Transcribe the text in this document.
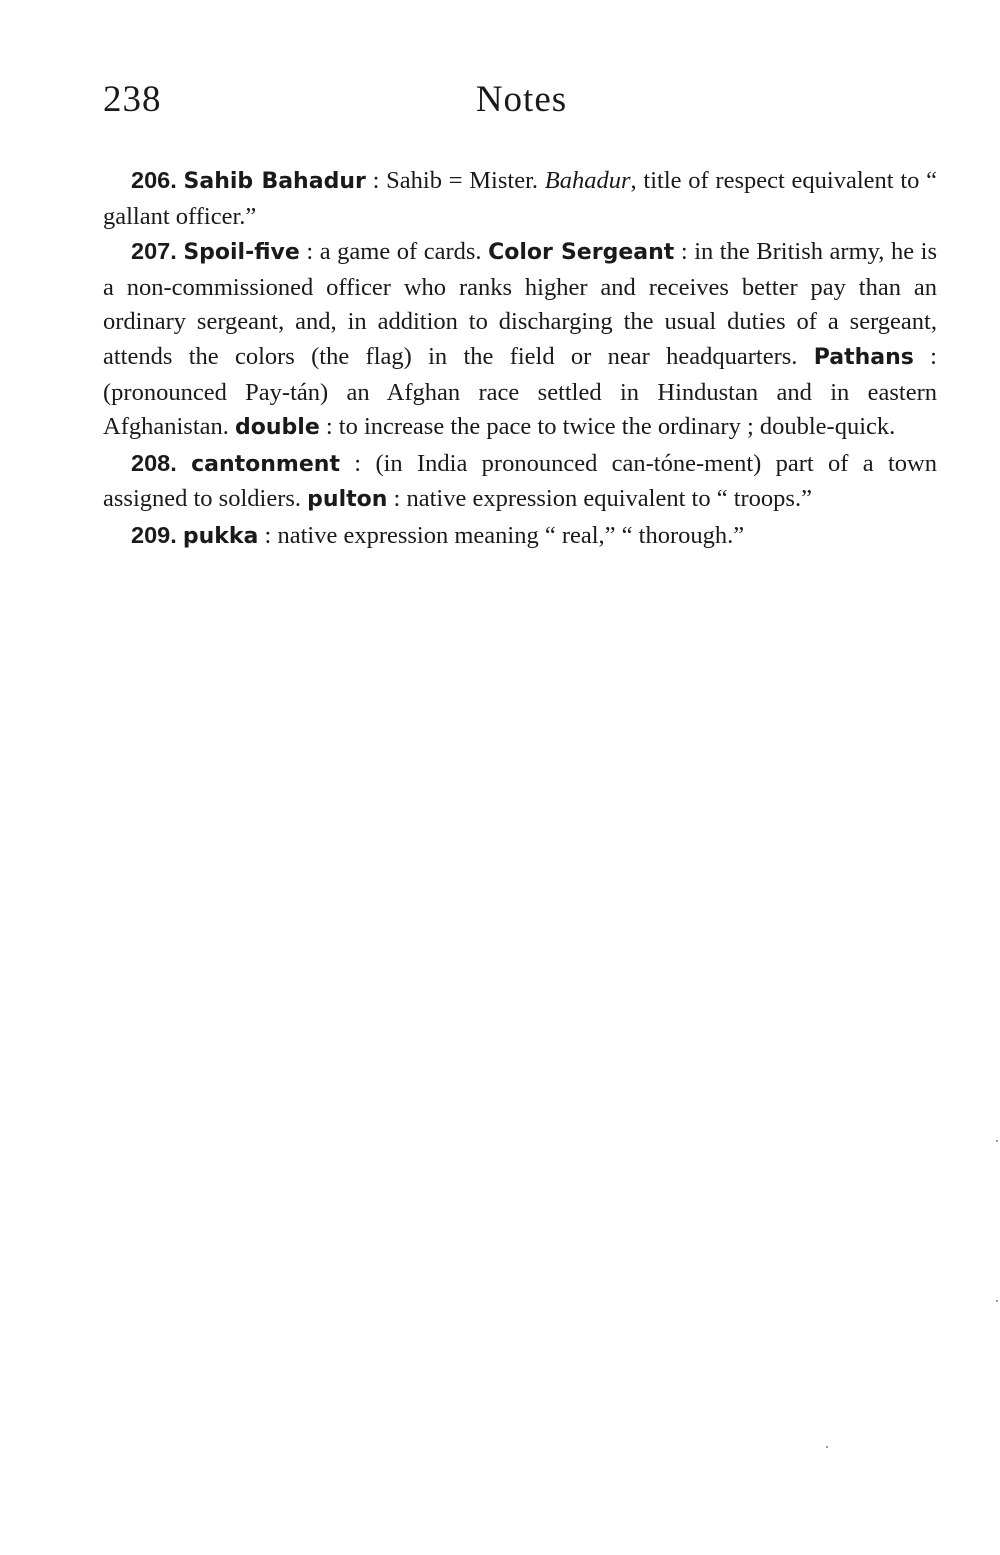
238	Notes

206. Sahib Bahadur : Sahib = Mister. Bahadur, title of respect equivalent to “ gallant officer.”

207. Spoil-five : a game of cards. Color Sergeant : in the British army, he is a non-commissioned officer who ranks higher and receives better pay than an ordinary sergeant, and, in addition to discharging the usual duties of a sergeant, attends the colors (the flag) in the field or near headquarters. Pathans : (pronounced Pay-tán) an Afghan race settled in Hindustan and in eastern Afghanistan. double : to increase the pace to twice the ordinary ; double-quick.

208. cantonment : (in India pronounced can-tóne-ment) part of a town assigned to soldiers. pulton : native expression equivalent to “ troops.”

209. pukka : native expression meaning “ real,” “ thorough.”
